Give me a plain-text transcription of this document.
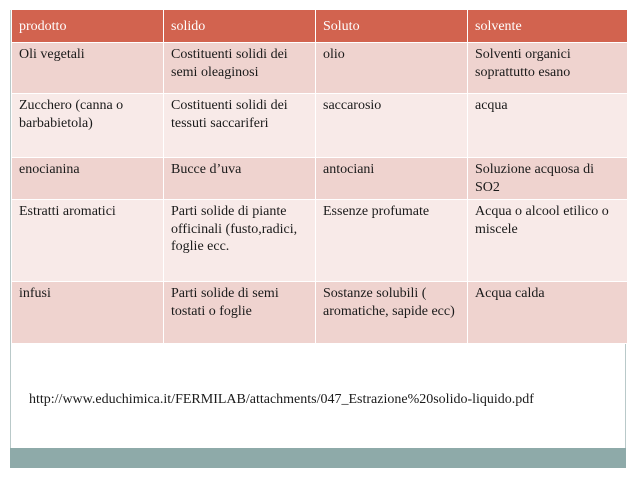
prodotto	solido	Soluto	solvente
Oli vegetali	Costituenti solidi dei semi oleaginosi	olio	Solventi organici soprattutto esano
Zucchero (canna o barbabietola)	Costituenti solidi dei tessuti saccariferi	saccarosio	acqua
enocianina	Bucce d’uva	antociani	Soluzione acquosa di SO2
Estratti aromatici	Parti solide di piante officinali (fusto,radici, foglie ecc.	Essenze profumate	Acqua o alcool etilico o miscele
infusi	Parti solide di semi tostati o foglie	Sostanze solubili ( aromatiche, sapide ecc)	Acqua calda
http://www.educhimica.it/FERMILAB/attachments/047_Estrazione%20solido-liquido.pdf
